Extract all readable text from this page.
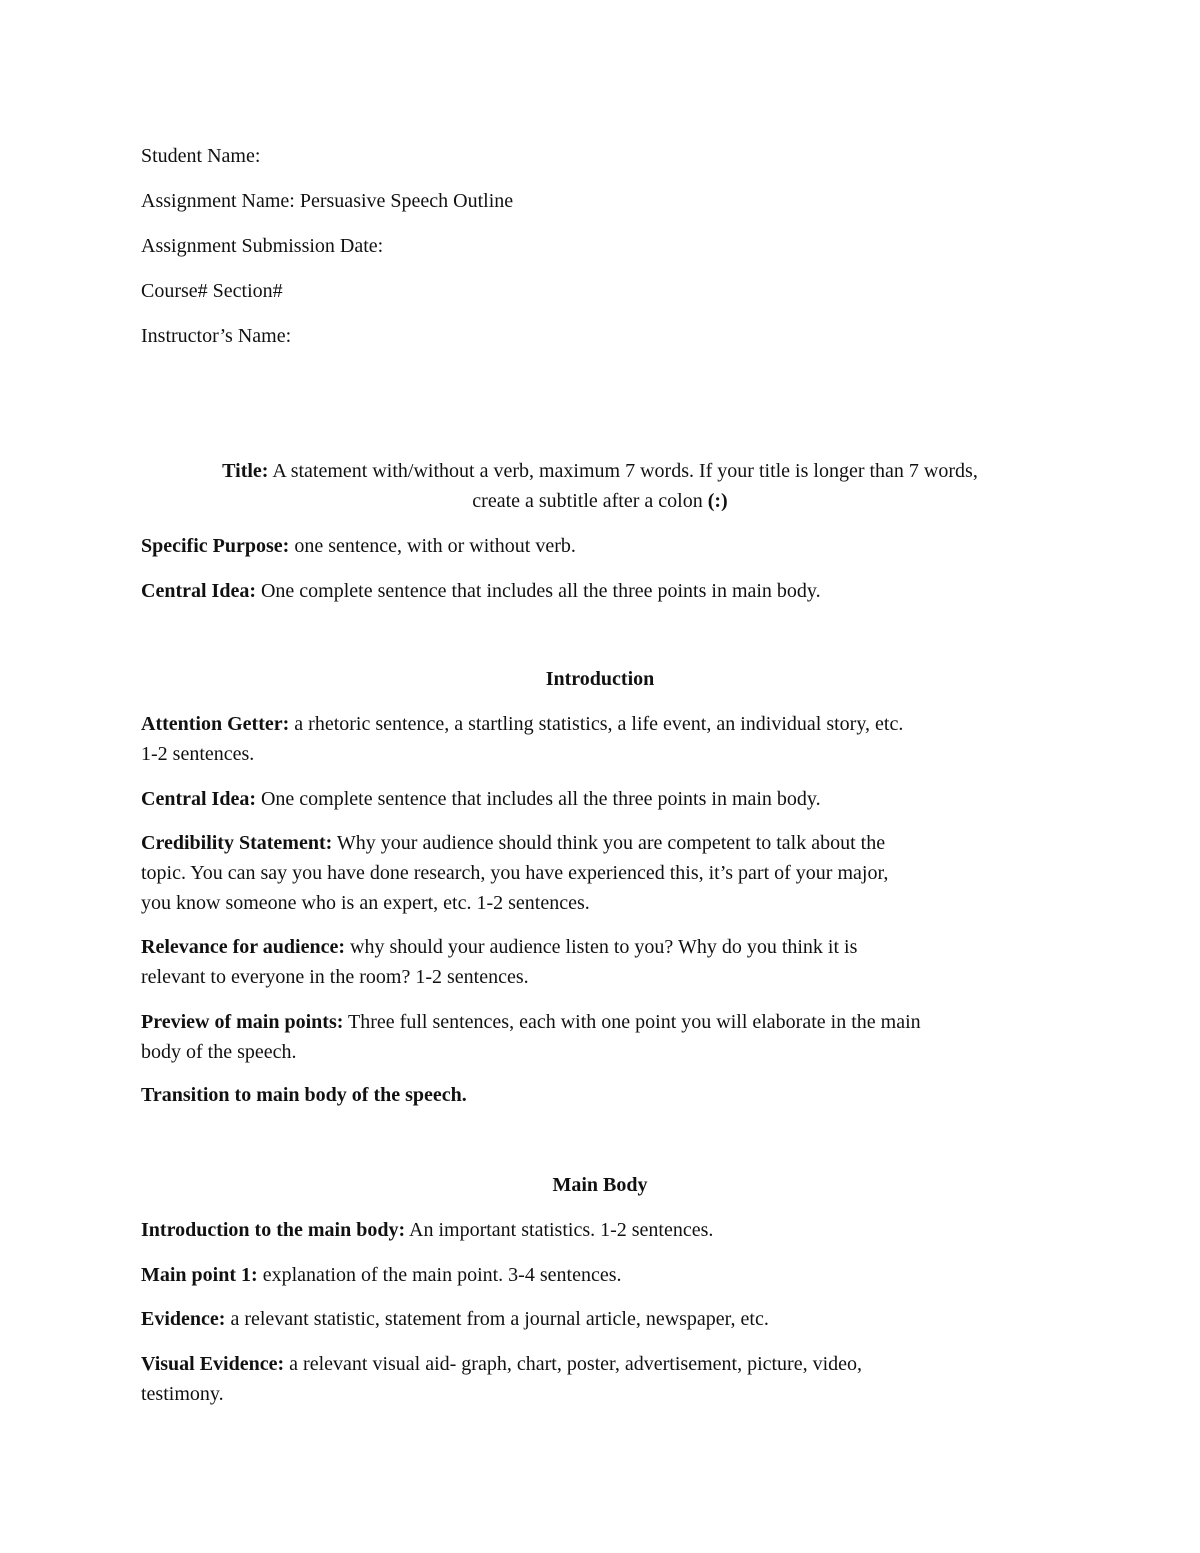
Student Name:
Assignment Name: Persuasive Speech Outline
Assignment Submission Date:
Course# Section#
Instructor’s Name:
Title: A statement with/without a verb, maximum 7 words. If your title is longer than 7 words,
create a subtitle after a colon (:)
Specific Purpose: one sentence, with or without verb.
Central Idea: One complete sentence that includes all the three points in main body.
Introduction
Attention Getter: a rhetoric sentence, a startling statistics, a life event, an individual story, etc.
1-2 sentences.
Central Idea: One complete sentence that includes all the three points in main body.
Credibility Statement: Why your audience should think you are competent to talk about the
topic. You can say you have done research, you have experienced this, it’s part of your major,
you know someone who is an expert, etc. 1-2 sentences.
Relevance for audience: why should your audience listen to you? Why do you think it is
relevant to everyone in the room? 1-2 sentences.
Preview of main points: Three full sentences, each with one point you will elaborate in the main
body of the speech.
Transition to main body of the speech.
Main Body
Introduction to the main body: An important statistics. 1-2 sentences.
Main point 1: explanation of the main point. 3-4 sentences.
Evidence: a relevant statistic, statement from a journal article, newspaper, etc.
Visual Evidence: a relevant visual aid- graph, chart, poster, advertisement, picture, video,
testimony.
